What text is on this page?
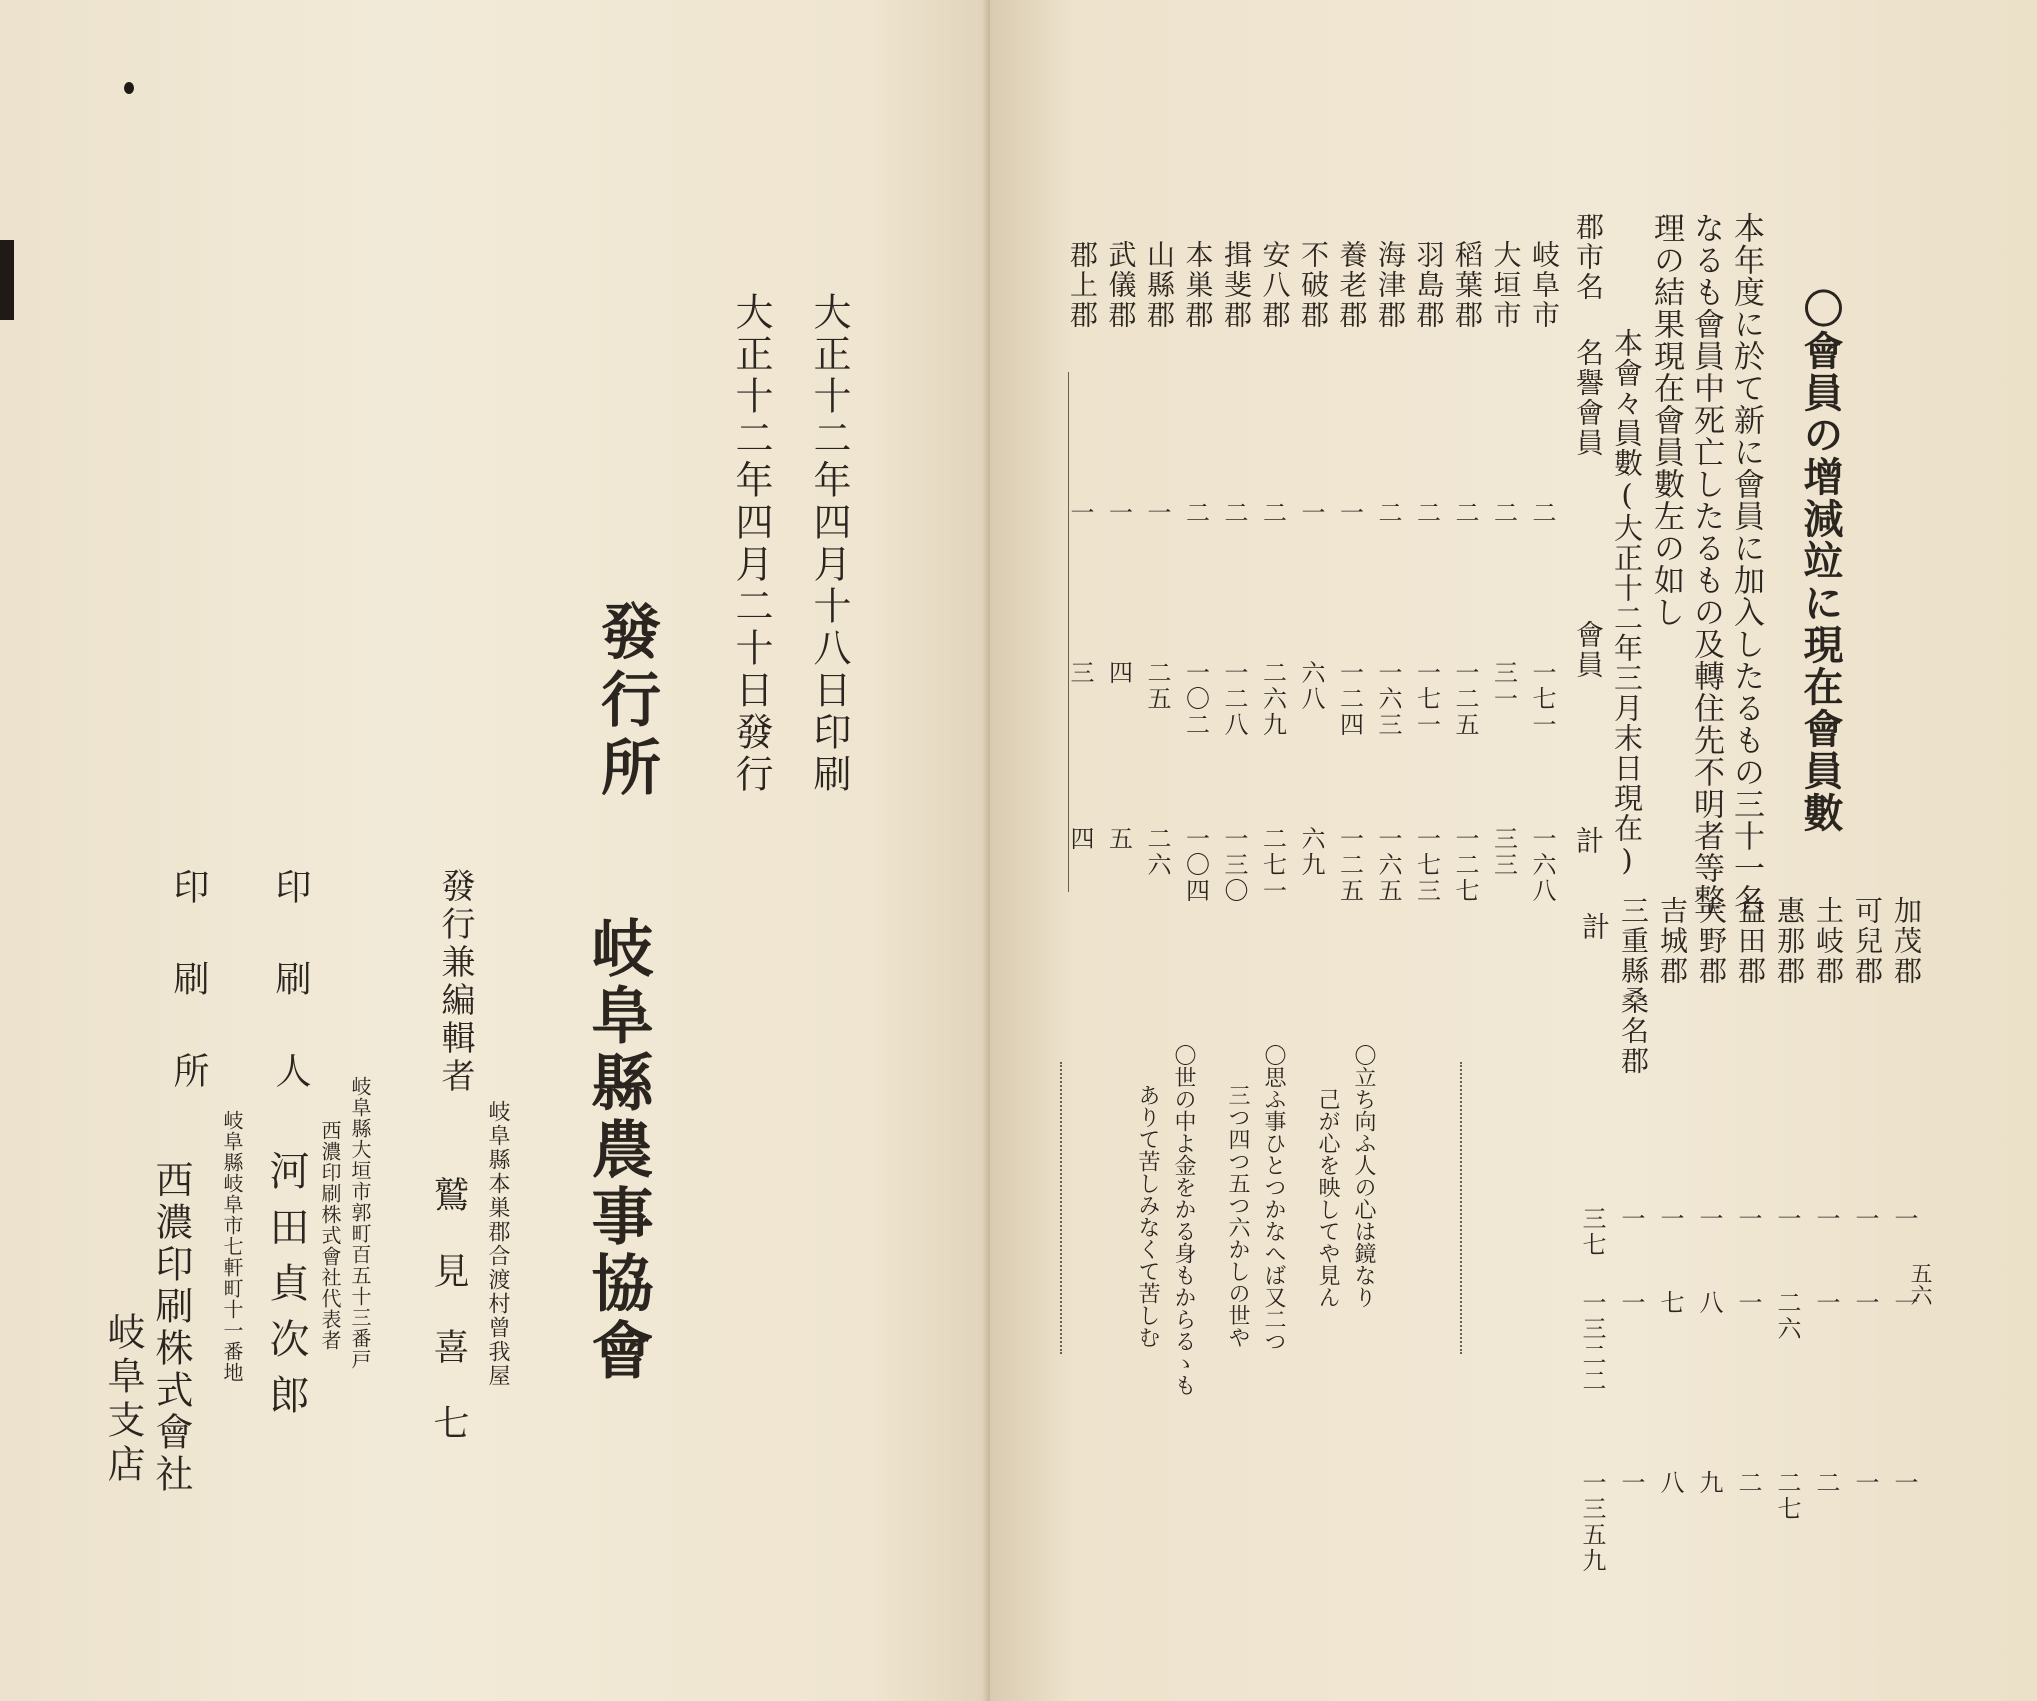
大正十二年四月十八日印刷
大正十二年四月二十日發行
發行所
岐阜縣農事協會
岐阜縣本巣郡合渡村曾我屋
發行兼編輯者
鷲見喜七
岐阜縣大垣市郭町百五十三番戸
西濃印刷株式會社代表者
印刷人
河田貞次郎
岐阜縣岐阜市七軒町十一番地
印刷所
西濃印刷株式會社
岐阜支店
五六
〇會員の增減竝に現在會員數
本年度に於て新に會員に加入したるもの三十一名
なるも會員中死亡したるもの及轉住先不明者等整
理の結果現在會員數左の如し
本會々員數(大正十二年三月末日現在)
郡市名
名譽會員
會員
計
岐阜市
二
一七一
一六八
大垣市
二
三一
三三
稻葉郡
二
一二五
一二七
羽島郡
二
一七一
一七三
海津郡
二
一六三
一六五
養老郡
一
一二四
一二五
不破郡
一
六八
六九
安八郡
二
二六九
二七一
揖斐郡
二
一二八
一三〇
本巣郡
二
一〇二
一〇四
山縣郡
一
二五
二六
武儀郡
一
四
五
郡上郡
一
三
四
加茂郡
一
一
一
可兒郡
一
一
一
土岐郡
一
一
二
惠那郡
一
二六
二七
益田郡
一
一
二
大野郡
一
八
九
吉城郡
一
七
八
三重縣桑名郡
一
一
一
計
三七
一三二二
一三五九
〇立ち向ふ人の心は鏡なり
己が心を映してや見ん
〇思ふ事ひとつかなへば又二つ
三つ四つ五つ六かしの世や
〇世の中よ金をかる身もからるゝも
ありて苦しみなくて苦しむ
